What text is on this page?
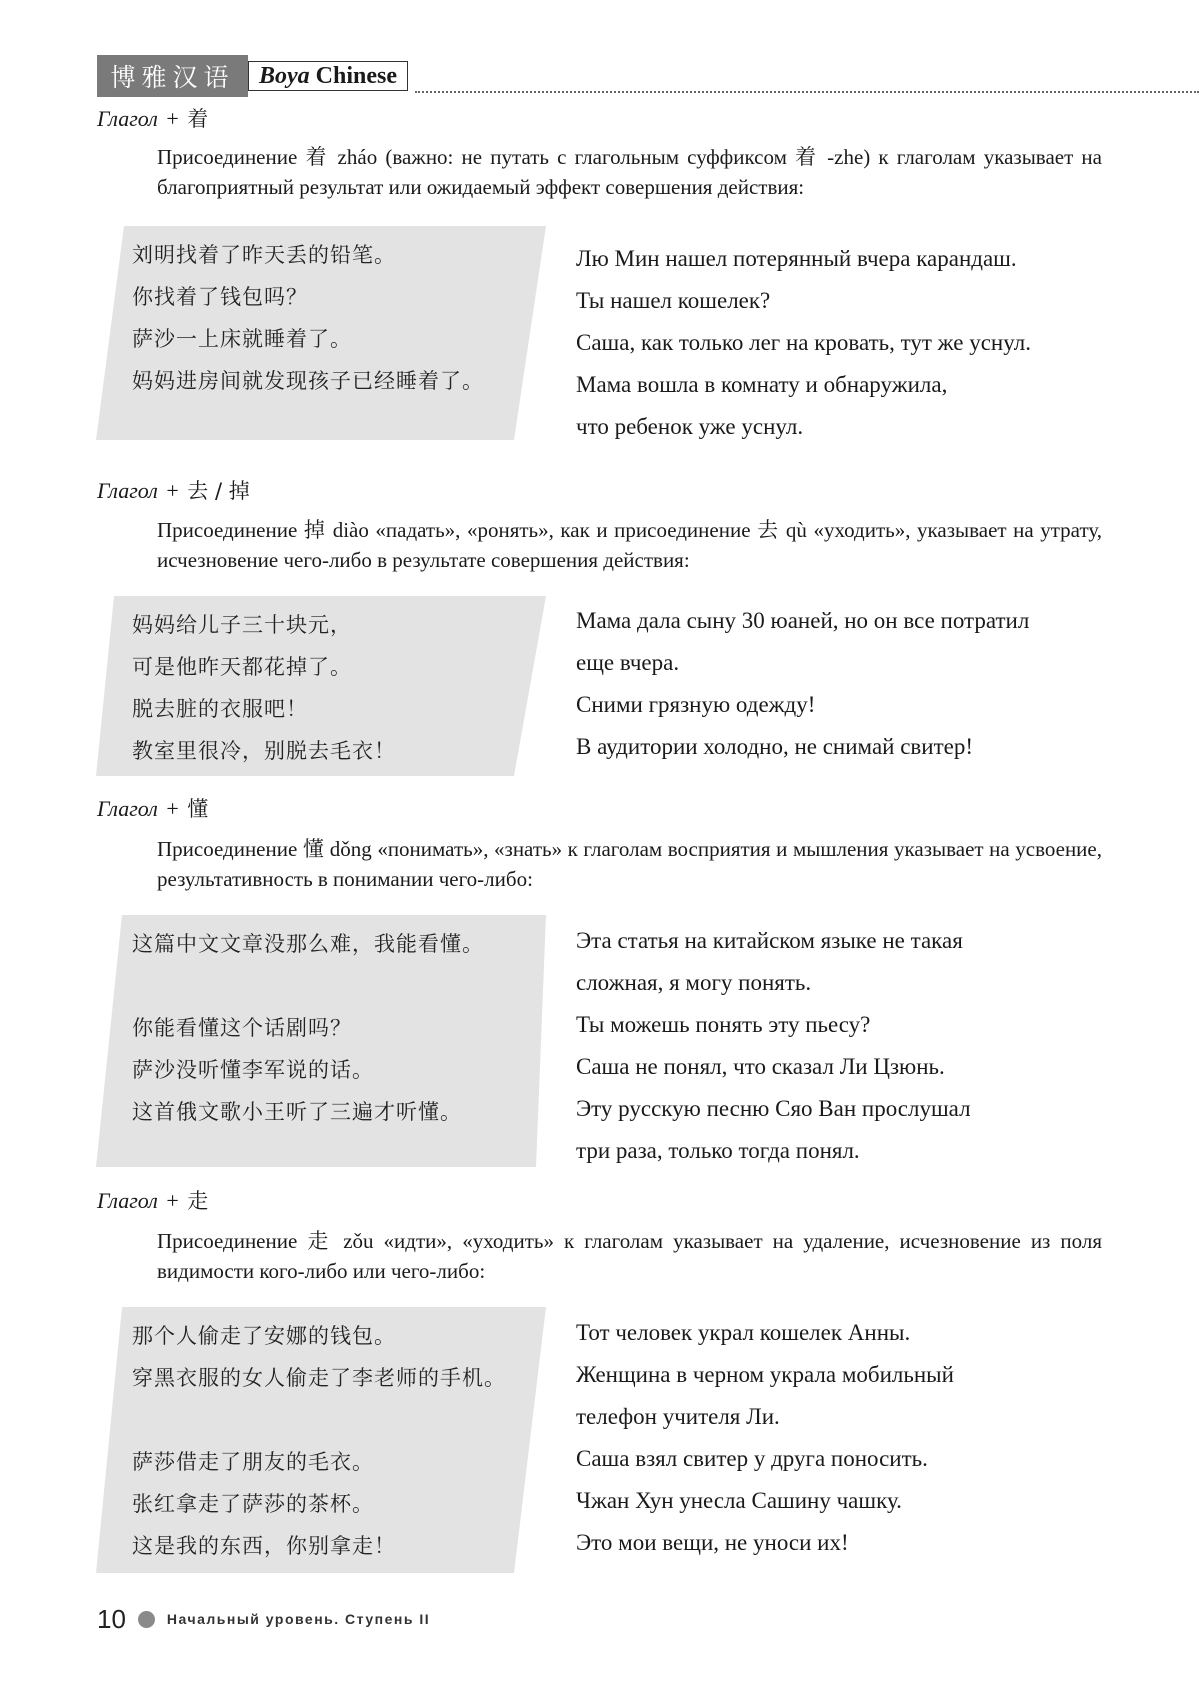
博雅汉语	Boya Chinese
Глагол + 着
Присоединение 着 zháo (важно: не путать с глагольным суффиксом 着 -zhe) к глаголам указывает на благоприятный результат или ожидаемый эффект совершения действия:
刘明找着了昨天丢的铅笔。
你找着了钱包吗？
萨沙一上床就睡着了。
妈妈进房间就发现孩子已经睡着了。
Лю Мин нашел потерянный вчера карандаш.
Ты нашел кошелек?
Саша, как только лег на кровать, тут же уснул.
Мама вошла в комнату и обнаружила,
что ребенок уже уснул.
Глагол + 去 / 掉
Присоединение 掉 diào «падать», «ронять», как и присоединение 去 qù «уходить», указывает на утрату, исчезновение чего-либо в результате совершения действия:
妈妈给儿子三十块元，
可是他昨天都花掉了。
脱去脏的衣服吧！
教室里很冷，别脱去毛衣！
Мама дала сыну 30 юаней, но он все потратил
еще вчера.
Сними грязную одежду!
В аудитории холодно, не снимай свитер!
Глагол + 懂
Присоединение 懂 dǒng «понимать», «знать» к глаголам восприятия и мышления указывает на усвоение, результативность в понимании чего-либо:
这篇中文文章没那么难，我能看懂。
你能看懂这个话剧吗？
萨沙没听懂李军说的话。
这首俄文歌小王听了三遍才听懂。
Эта статья на китайском языке не такая
сложная, я могу понять.
Ты можешь понять эту пьесу?
Саша не понял, что сказал Ли Цзюнь.
Эту русскую песню Сяо Ван прослушал
три раза, только тогда понял.
Глагол + 走
Присоединение 走 zǒu «идти», «уходить» к глаголам указывает на удаление, исчезновение из поля видимости кого-либо или чего-либо:
那个人偷走了安娜的钱包。
穿黑衣服的女人偷走了李老师的手机。
萨莎借走了朋友的毛衣。
张红拿走了萨莎的茶杯。
这是我的东西，你别拿走！
Тот человек украл кошелек Анны.
Женщина в черном украла мобильный
телефон учителя Ли.
Саша взял свитер у друга поносить.
Чжан Хун унесла Сашину чашку.
Это мои вещи, не уноси их!
10	Начальный уровень. Ступень II
